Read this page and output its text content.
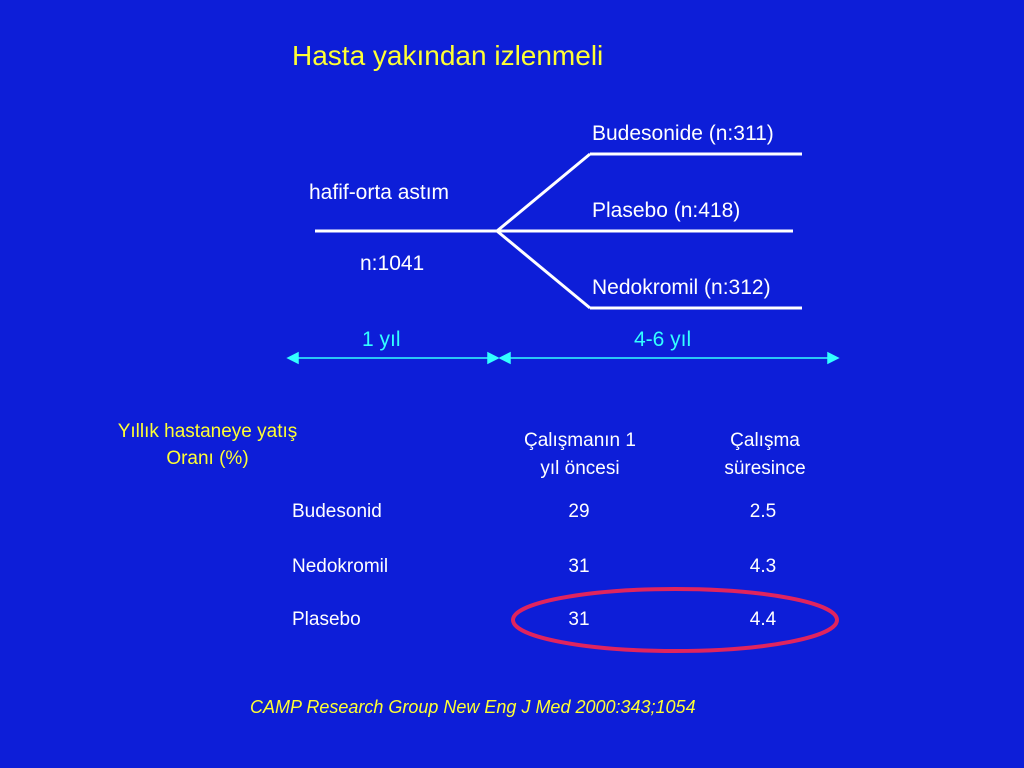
Hasta yakından izlenmeli
hafif-orta astım
n:1041
Budesonide (n:311)
Plasebo (n:418)
Nedokromil (n:312)
1 yıl	4-6 yıl
Yıllık hastaneye yatış
Oranı (%)
Çalışmanın 1
yıl öncesi
Çalışma
süresince
Budesonid	29	2.5
Nedokromil	31	4.3
Plasebo	31	4.4
CAMP Research Group New Eng J Med 2000:343;1054
